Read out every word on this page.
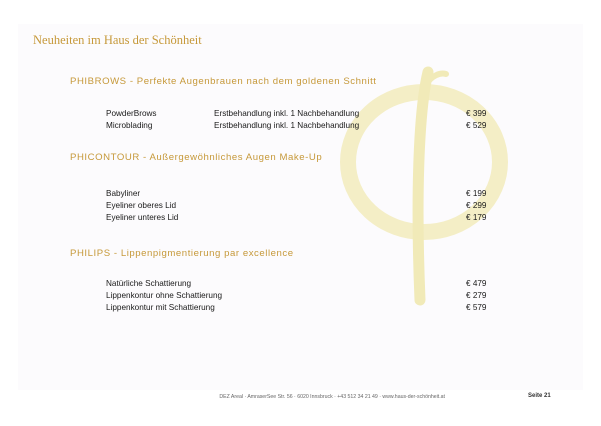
Neuheiten im Haus der Schönheit
PHIBROWS - Perfekte Augenbrauen nach dem goldenen Schnitt
PowderBrows	Erstbehandlung inkl. 1 Nachbehandlung	€ 399
Microblading	Erstbehandlung inkl. 1 Nachbehandlung	€ 529
PHICONTOUR - Außergewöhnliches Augen Make-Up
Babyliner	€ 199
Eyeliner oberes Lid	€ 299
Eyeliner unteres Lid	€ 179
PHILIPS - Lippenpigmentierung par excellence
Natürliche Schattierung	€ 479
Lippenkontur ohne Schattierung	€ 279
Lippenkontur mit Schattierung	€ 579
DEZ Areal · AmraserSee Str. 56 · 6020 Innsbruck · +43 512 34 21 49 · www.haus-der-schönheit.at	Seite 21
